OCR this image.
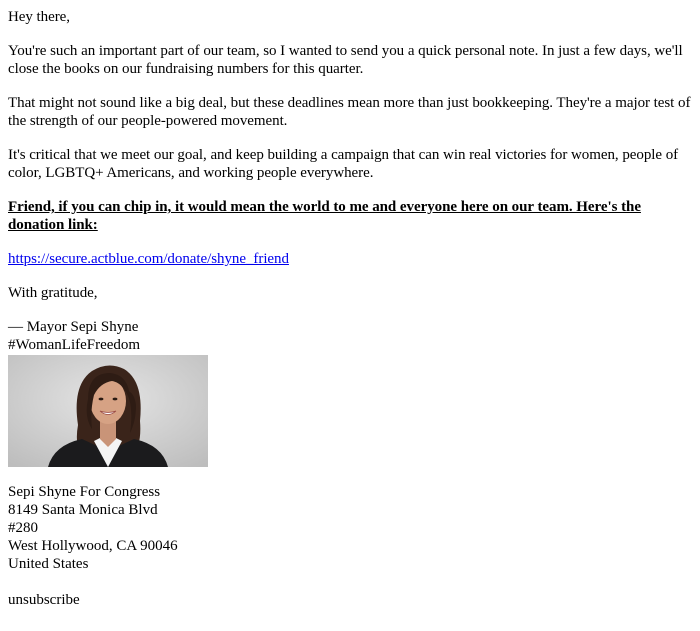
Hey there,
You're such an important part of our team, so I wanted to send you a quick personal note. In just a few days, we'll close the books on our fundraising numbers for this quarter.
That might not sound like a big deal, but these deadlines mean more than just bookkeeping. They're a major test of the strength of our people-powered movement.
It's critical that we meet our goal, and keep building a campaign that can win real victories for women, people of color, LGBTQ+ Americans, and working people everywhere.
Friend, if you can chip in, it would mean the world to me and everyone here on our team. Here's the donation link:
https://secure.actblue.com/donate/shyne_friend
With gratitude,
— Mayor Sepi Shyne
#WomanLifeFreedom
Sepi Shyne For Congress
8149 Santa Monica Blvd
#280
West Hollywood, CA 90046
United States
unsubscribe
